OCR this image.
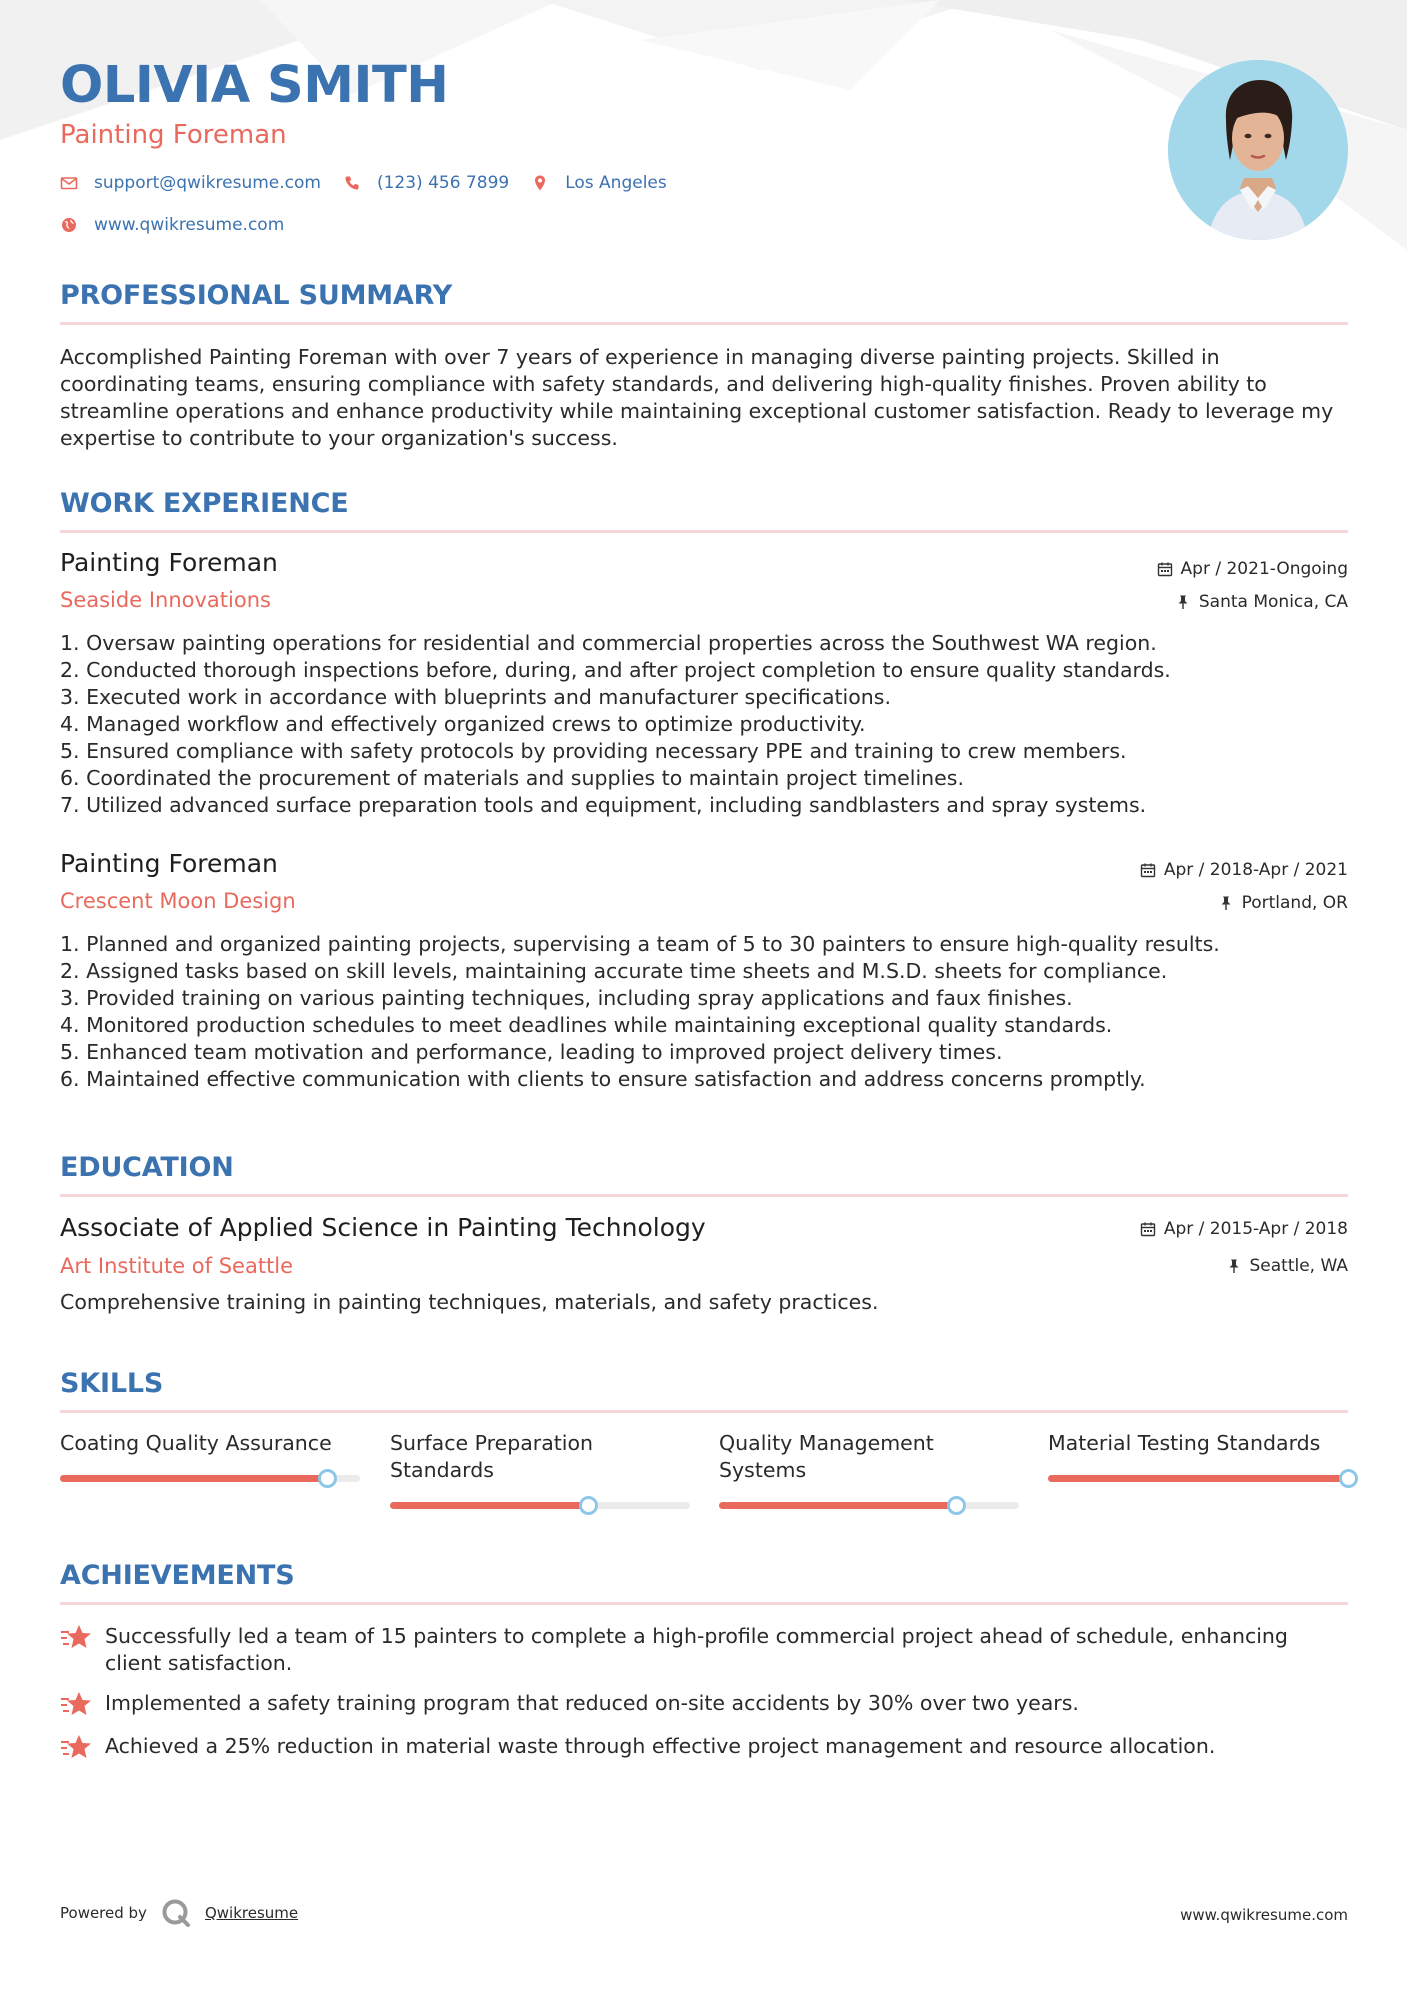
OLIVIA SMITH
Painting Foreman
support@qwikresume.com	(123) 456 7899	Los Angeles
www.qwikresume.com
PROFESSIONAL SUMMARY
Accomplished Painting Foreman with over 7 years of experience in managing diverse painting projects. Skilled in coordinating teams, ensuring compliance with safety standards, and delivering high-quality finishes. Proven ability to streamline operations and enhance productivity while maintaining exceptional customer satisfaction. Ready to leverage my expertise to contribute to your organization's success.
WORK EXPERIENCE
Painting Foreman	Apr / 2021-Ongoing
Seaside Innovations	Santa Monica, CA
1. Oversaw painting operations for residential and commercial properties across the Southwest WA region.
2. Conducted thorough inspections before, during, and after project completion to ensure quality standards.
3. Executed work in accordance with blueprints and manufacturer specifications.
4. Managed workflow and effectively organized crews to optimize productivity.
5. Ensured compliance with safety protocols by providing necessary PPE and training to crew members.
6. Coordinated the procurement of materials and supplies to maintain project timelines.
7. Utilized advanced surface preparation tools and equipment, including sandblasters and spray systems.
Painting Foreman	Apr / 2018-Apr / 2021
Crescent Moon Design	Portland, OR
1. Planned and organized painting projects, supervising a team of 5 to 30 painters to ensure high-quality results.
2. Assigned tasks based on skill levels, maintaining accurate time sheets and M.S.D. sheets for compliance.
3. Provided training on various painting techniques, including spray applications and faux finishes.
4. Monitored production schedules to meet deadlines while maintaining exceptional quality standards.
5. Enhanced team motivation and performance, leading to improved project delivery times.
6. Maintained effective communication with clients to ensure satisfaction and address concerns promptly.
EDUCATION
Associate of Applied Science in Painting Technology	Apr / 2015-Apr / 2018
Art Institute of Seattle	Seattle, WA
Comprehensive training in painting techniques, materials, and safety practices.
SKILLS
Coating Quality Assurance	Surface Preparation Standards
Quality Management Systems
Material Testing Standards
ACHIEVEMENTS
Successfully led a team of 15 painters to complete a high-profile commercial project ahead of schedule, enhancing client satisfaction.
Implemented a safety training program that reduced on-site accidents by 30% over two years.
Achieved a 25% reduction in material waste through effective project management and resource allocation.
Powered by	Qwikresume	www.qwikresume.com
